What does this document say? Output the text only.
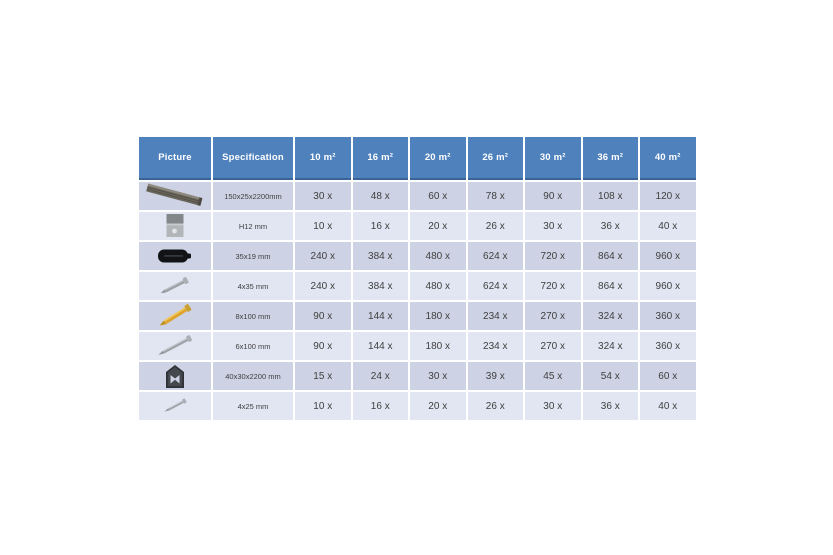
Picture	Specification	10 m²	16 m²	20 m²	26 m²	30 m²	36 m²	40 m²
150x25x2200mm	30 x	48 x	60 x	78 x	90 x	108 x	120 x
H12 mm	10 x	16 x	20 x	26 x	30 x	36 x	40 x
35x19 mm	240 x	384 x	480 x	624 x	720 x	864 x	960 x
4x35 mm	240 x	384 x	480 x	624 x	720 x	864 x	960 x
8x100 mm	90 x	144 x	180 x	234 x	270 x	324 x	360 x
6x100 mm	90 x	144 x	180 x	234 x	270 x	324 x	360 x
40x30x2200 mm	15 x	24 x	30 x	39 x	45 x	54 x	60 x
4x25 mm	10 x	16 x	20 x	26 x	30 x	36 x	40 x
